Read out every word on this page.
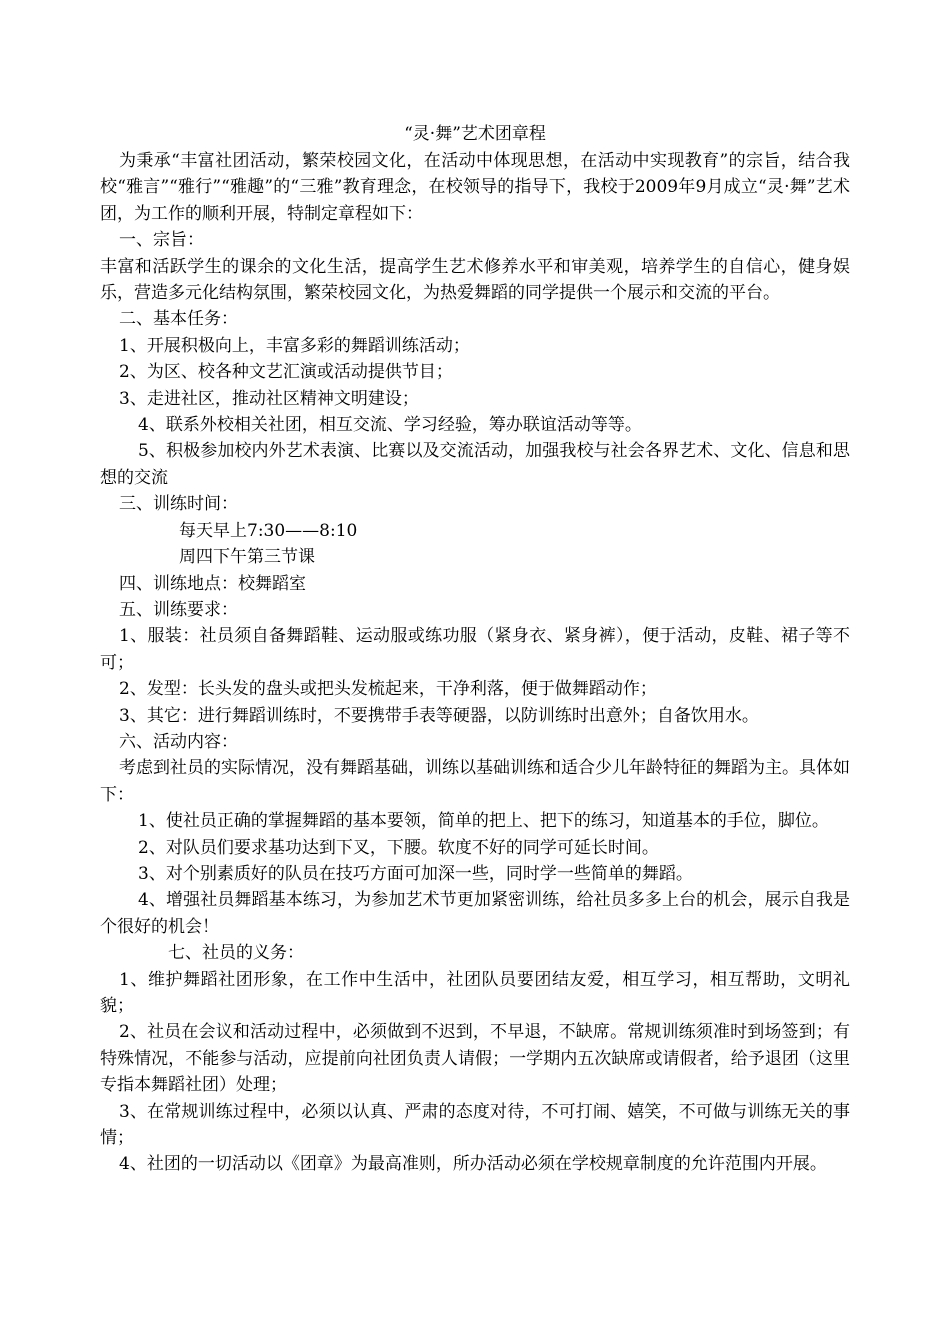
“灵·舞”艺术团章程

为秉承“丰富社团活动，繁荣校园文化，在活动中体现思想，在活动中实现教育”的宗旨，结合我校“雅言”“雅行”“雅趣”的“三雅”教育理念，在校领导的指导下，我校于2009年9月成立“灵·舞”艺术团，为工作的顺利开展，特制定章程如下：

一、宗旨：

丰富和活跃学生的课余的文化生活，提高学生艺术修养水平和审美观，培养学生的自信心，健身娱乐，营造多元化结构氛围，繁荣校园文化，为热爱舞蹈的同学提供一个展示和交流的平台。

二、基本任务：

1、开展积极向上，丰富多彩的舞蹈训练活动；

2、为区、校各种文艺汇演或活动提供节目；

3、走进社区，推动社区精神文明建设；

4、联系外校相关社团，相互交流、学习经验，筹办联谊活动等等。

5、积极参加校内外艺术表演、比赛以及交流活动，加强我校与社会各界艺术、文化、信息和思想的交流

三、训练时间：

每天早上7:30——8:10

周四下午第三节课

四、训练地点：校舞蹈室

五、训练要求：

1、服装：社员须自备舞蹈鞋、运动服或练功服（紧身衣、紧身裤），便于活动，皮鞋、裙子等不可；

2、发型：长头发的盘头或把头发梳起来，干净利落，便于做舞蹈动作；

3、其它：进行舞蹈训练时，不要携带手表等硬器，以防训练时出意外；自备饮用水。

六、活动内容：

考虑到社员的实际情况，没有舞蹈基础，训练以基础训练和适合少儿年龄特征的舞蹈为主。具体如下：

1、使社员正确的掌握舞蹈的基本要领，简单的把上、把下的练习，知道基本的手位，脚位。

2、对队员们要求基功达到下叉，下腰。软度不好的同学可延长时间。

3、对个别素质好的队员在技巧方面可加深一些，同时学一些简单的舞蹈。

4、增强社员舞蹈基本练习，为参加艺术节更加紧密训练，给社员多多上台的机会，展示自我是个很好的机会！

七、社员的义务：

1、维护舞蹈社团形象，在工作中生活中，社团队员要团结友爱，相互学习，相互帮助，文明礼貌；

2、社员在会议和活动过程中，必须做到不迟到，不早退，不缺席。常规训练须准时到场签到；有特殊情况，不能参与活动，应提前向社团负责人请假；一学期内五次缺席或请假者，给予退团（这里专指本舞蹈社团）处理；

3、在常规训练过程中，必须以认真、严肃的态度对待，不可打闹、嬉笑，不可做与训练无关的事情；

4、社团的一切活动以《团章》为最高准则，所办活动必须在学校规章制度的允许范围内开展。
